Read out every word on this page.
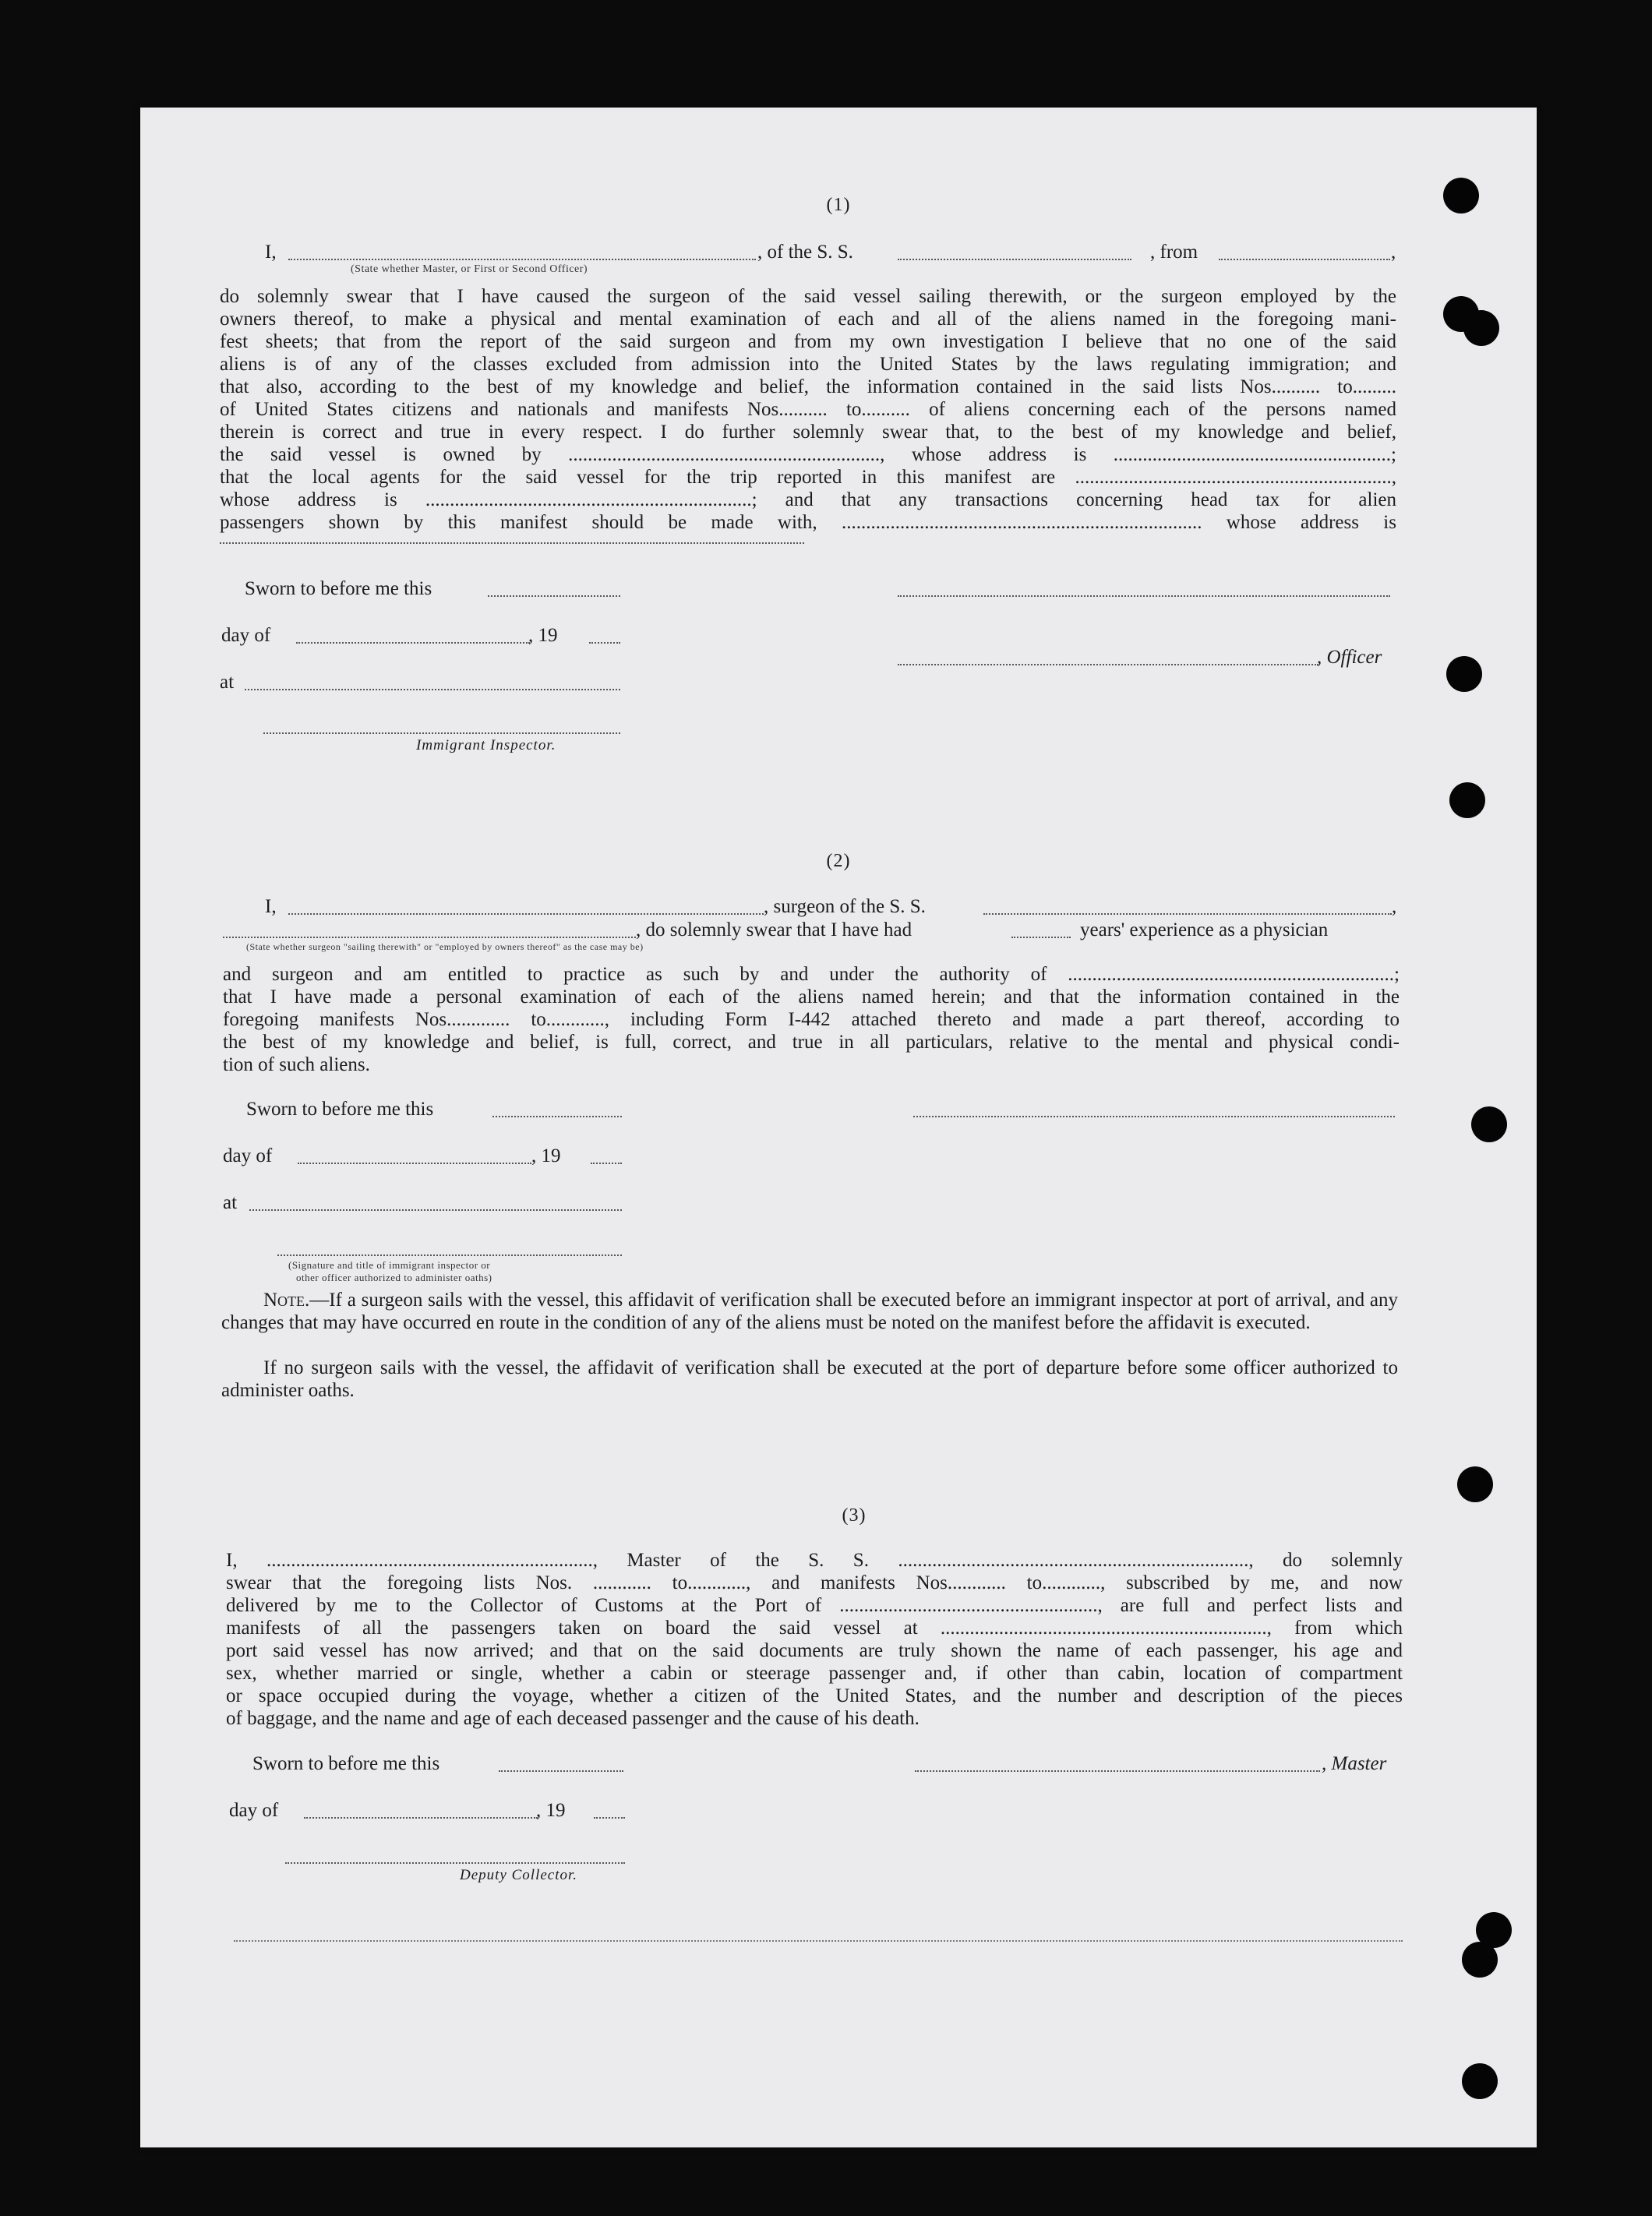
(1)
I,	, of the S. S.	, from	,
(State whether Master, or First or Second Officer)
do solemnly swear that I have caused the surgeon of the said vessel sailing therewith, or the surgeon employed by the
owners thereof, to make a physical and mental examination of each and all of the aliens named in the foregoing mani-
fest sheets; that from the report of the said surgeon and from my own investigation I believe that no one of the said
aliens is of any of the classes excluded from admission into the United States by the laws regulating immigration; and
that also, according to the best of my knowledge and belief, the information contained in the said lists Nos.......... to.........
of United States citizens and nationals and manifests Nos.......... to.......... of aliens concerning each of the persons named
therein is correct and true in every respect. I do further solemnly swear that, to the best of my knowledge and belief,
the said vessel is owned by ................................................................, whose address is .........................................................;
that the local agents for the said vessel for the trip reported in this manifest are .................................................................,
whose address is ...................................................................; and that any transactions concerning head tax for alien
passengers shown by this manifest should be made with, .......................................................................... whose address is
Sworn to before me this
day of	, 19
, Officer
at
Immigrant Inspector.
(2)
I,	, surgeon of the S. S.	,
, do solemnly swear that I have had	years' experience as a physician
(State whether surgeon "sailing therewith" or "employed by owners thereof" as the case may be)
and surgeon and am entitled to practice as such by and under the authority of ...................................................................;
that I have made a personal examination of each of the aliens named herein; and that the information contained in the
foregoing manifests Nos............. to............, including Form I-442 attached thereto and made a part thereof, according to
the best of my knowledge and belief, is full, correct, and true in all particulars, relative to the mental and physical condi-
tion of such aliens.
Sworn to before me this
day of	, 19
at
(Signature and title of immigrant inspector or
other officer authorized to administer oaths)
Note.—If a surgeon sails with the vessel, this affidavit of verification shall be executed before an immigrant inspector at port of arrival, and any changes that may have occurred en route in the condition of any of the aliens must be noted on the manifest before the affidavit is executed.
If no surgeon sails with the vessel, the affidavit of verification shall be executed at the port of departure before some officer authorized to administer oaths.
(3)
I, ..................................................................., Master of the S. S. ........................................................................, do solemnly
swear that the foregoing lists Nos. ............ to............, and manifests Nos............ to............, subscribed by me, and now
delivered by me to the Collector of Customs at the Port of ....................................................., are full and perfect lists and
manifests of all the passengers taken on board the said vessel at ..................................................................., from which
port said vessel has now arrived; and that on the said documents are truly shown the name of each passenger, his age and
sex, whether married or single, whether a cabin or steerage passenger and, if other than cabin, location of compartment
or space occupied during the voyage, whether a citizen of the United States, and the number and description of the pieces
of baggage, and the name and age of each deceased passenger and the cause of his death.
Sworn to before me this	, Master
day of	, 19
Deputy Collector.
